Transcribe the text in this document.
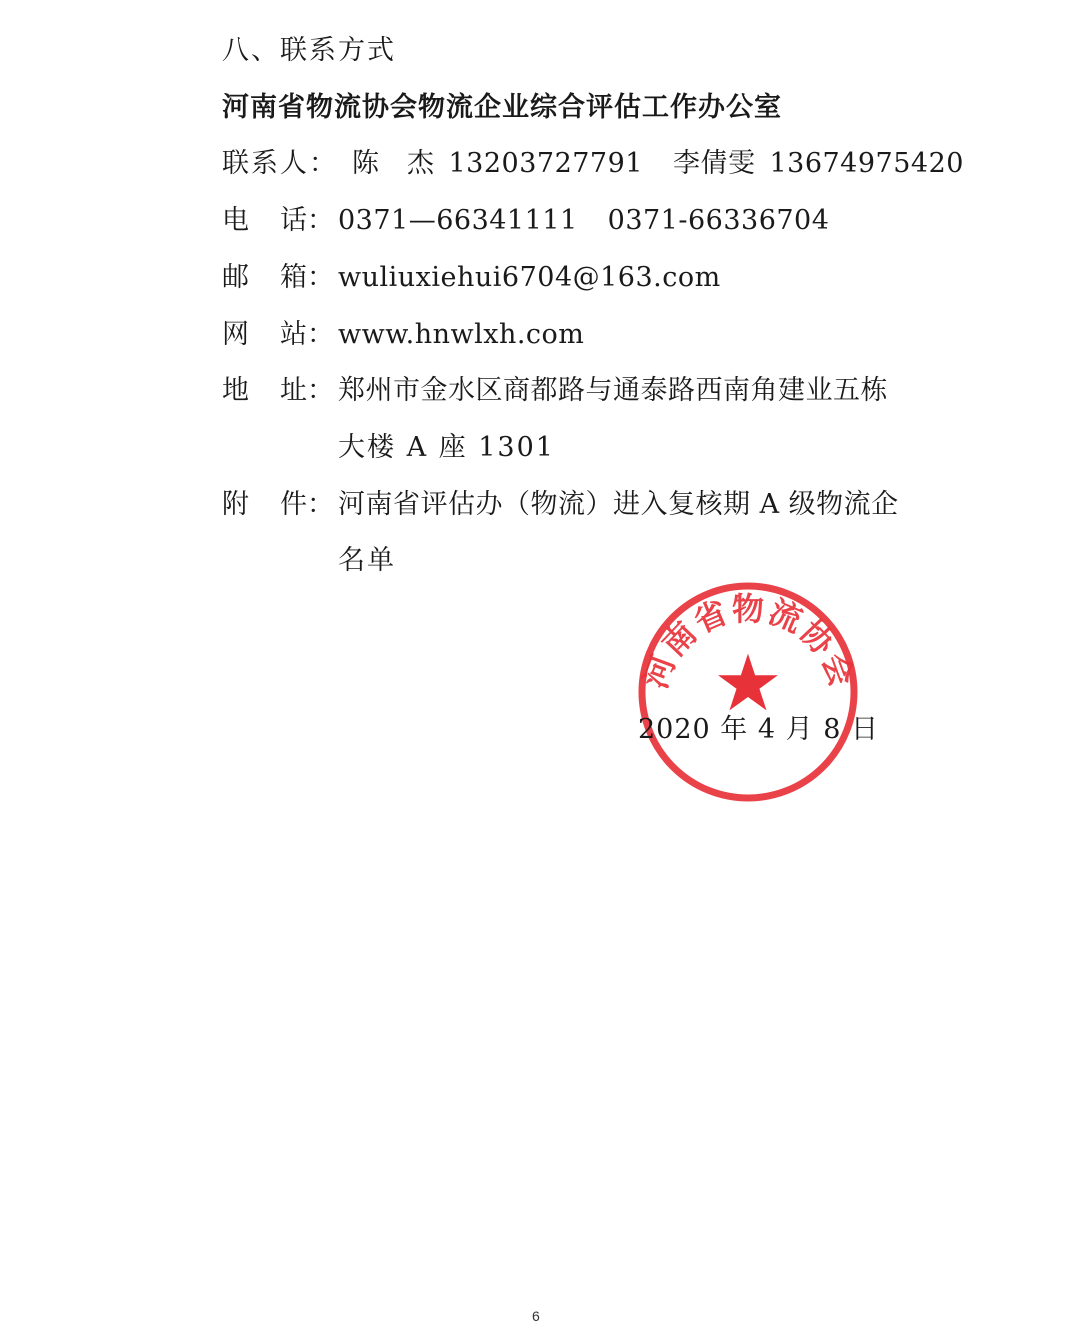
八、联系方式
河南省物流协会物流企业综合评估工作办公室
联系人： 陈　杰 13203727791 李倩雯 13674975420
电 话： 0371—66341111 0371-66336704
邮 箱： wuliuxiehui6704@163.com
网 站： www.hnwlxh.com
地 址： 郑州市金水区商都路与通泰路西南角建业五栋
大楼 A 座 1301
附 件： 河南省评估办（物流）进入复核期 A 级物流企
名单
河南省物流协会
★
2020 年 4 月 8 日
6
